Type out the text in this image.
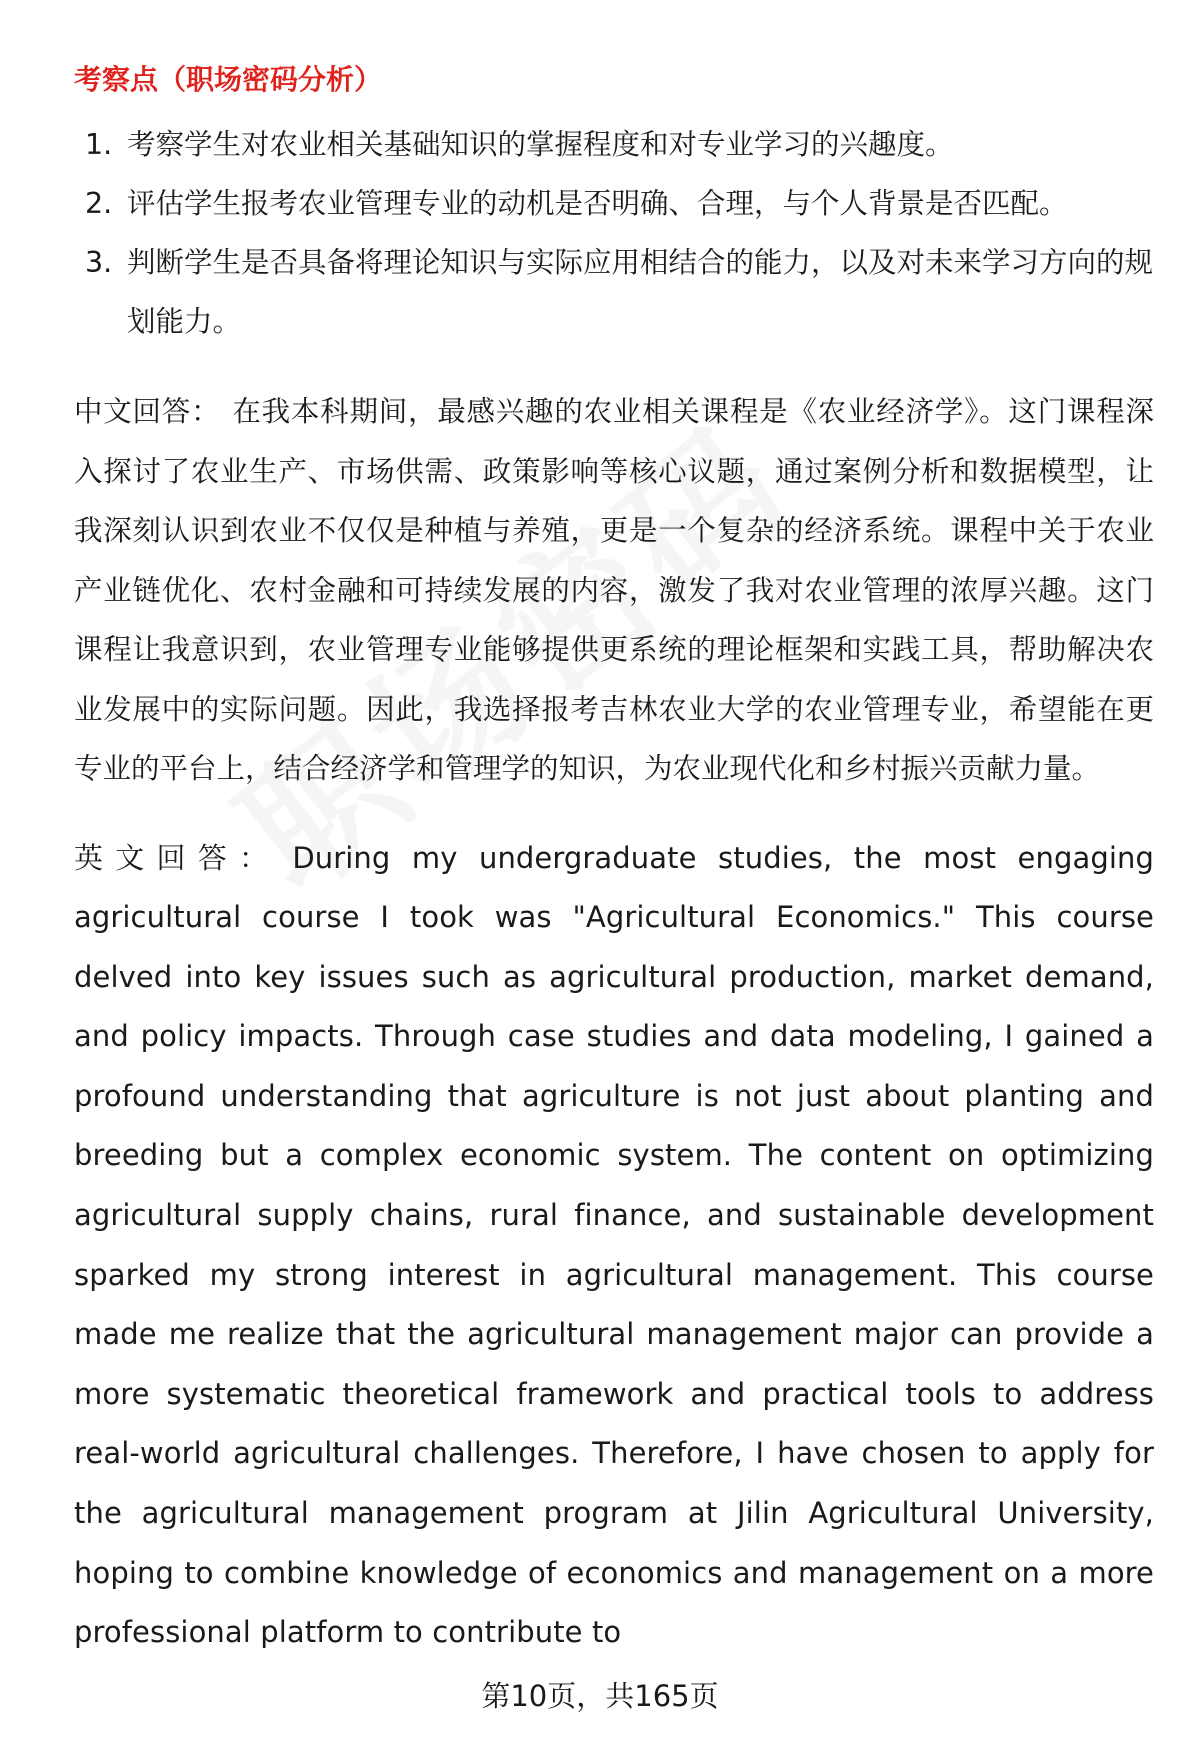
考察点（职场密码分析）
1. 考察学生对农业相关基础知识的掌握程度和对专业学习的兴趣度。
2. 评估学生报考农业管理专业的动机是否明确、合理，与个人背景是否匹配。
3. 判断学生是否具备将理论知识与实际应用相结合的能力，以及对未来学习方向的规划能力。

中文回答： 在我本科期间，最感兴趣的农业相关课程是《农业经济学》。这门课程深入探讨了农业生产、市场供需、政策影响等核心议题，通过案例分析和数据模型，让我深刻认识到农业不仅仅是种植与养殖，更是一个复杂的经济系统。课程中关于农业产业链优化、农村金融和可持续发展的内容，激发了我对农业管理的浓厚兴趣。这门课程让我意识到，农业管理专业能够提供更系统的理论框架和实践工具，帮助解决农业发展中的实际问题。因此，我选择报考吉林农业大学的农业管理专业，希望能在更专业的平台上，结合经济学和管理学的知识，为农业现代化和乡村振兴贡献力量。

英文回答： During my undergraduate studies, the most engaging agricultural course I took was "Agricultural Economics." This course delved into key issues such as agricultural production, market demand, and policy impacts. Through case studies and data modeling, I gained a profound understanding that agriculture is not just about planting and breeding but a complex economic system. The content on optimizing agricultural supply chains, rural finance, and sustainable development sparked my strong interest in agricultural management. This course made me realize that the agricultural management major can provide a more systematic theoretical framework and practical tools to address real-world agricultural challenges. Therefore, I have chosen to apply for the agricultural management program at Jilin Agricultural University, hoping to combine knowledge of economics and management on a more professional platform to contribute to

第10页，共165页
